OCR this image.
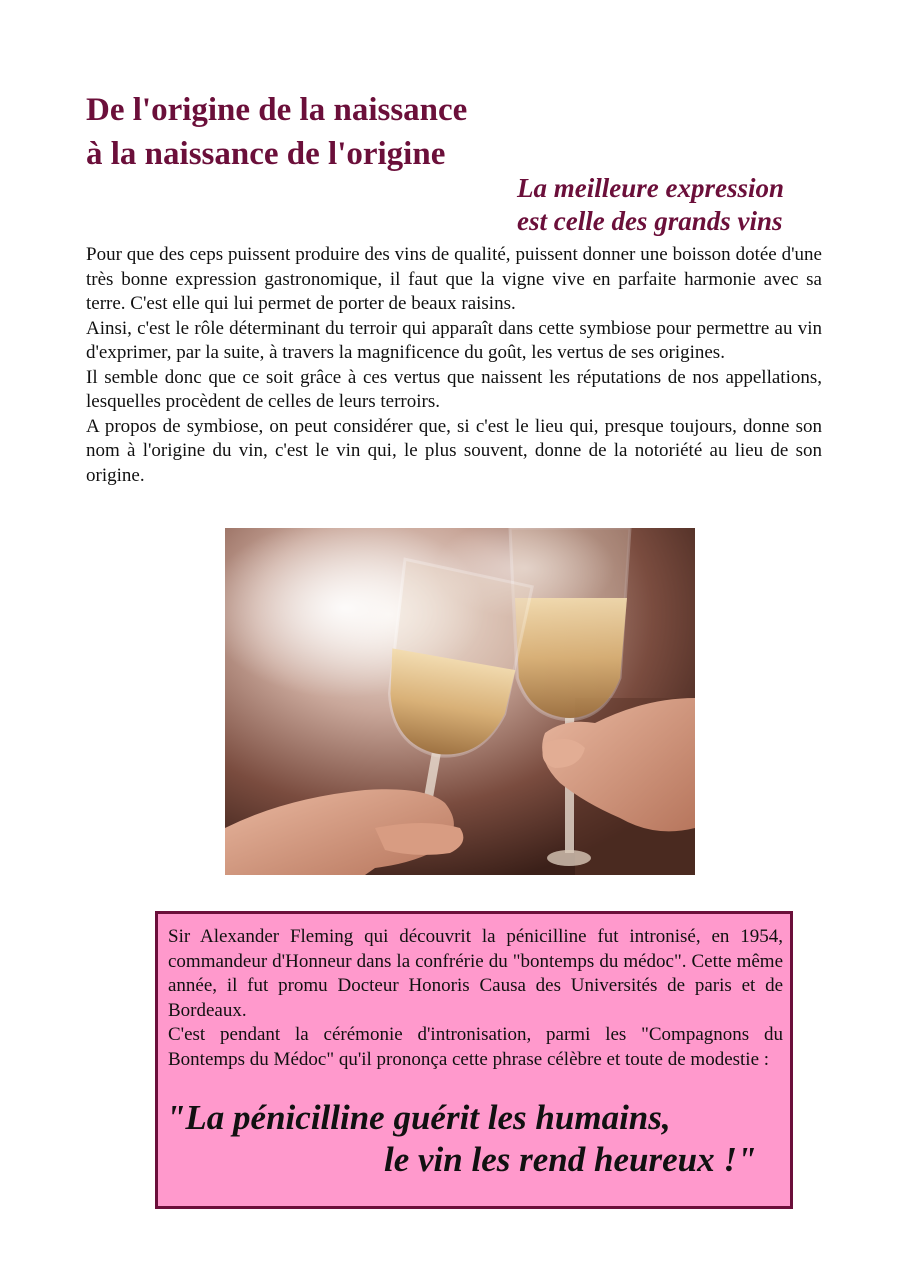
De l'origine de la naissance
à la naissance de l'origine
La meilleure expression
est celle des grands vins

Pour que des ceps puissent produire des vins de qualité, puissent donner une boisson dotée d'une très bonne expression gastronomique, il faut que la vigne vive en parfaite harmonie avec sa terre. C'est elle qui lui permet de porter de beaux raisins.

Ainsi, c'est le rôle déterminant du terroir qui apparaît dans cette symbiose pour permettre au vin d'exprimer, par la suite, à travers la magnificence du goût, les vertus de ses origines.

Il semble donc que ce soit grâce à ces vertus que naissent les réputations de nos appellations, lesquelles procèdent de celles de leurs terroirs.

A propos de symbiose, on peut considérer que, si c'est le lieu qui, presque toujours, donne son nom à l'origine du vin, c'est le vin qui, le plus souvent, donne de la notoriété au lieu de son origine.

Sir Alexander Fleming qui découvrit la pénicilline fut intronisé, en 1954, commandeur d'Honneur dans la confrérie du "bontemps du médoc". Cette même année, il fut promu Docteur Honoris Causa des Universités de paris et de Bordeaux.

C'est pendant la cérémonie d'intronisation, parmi les "Compagnons du Bontemps du Médoc" qu'il prononça cette phrase célèbre et toute de modestie :

"La pénicilline guérit les humains,
le vin les rend heureux !"
